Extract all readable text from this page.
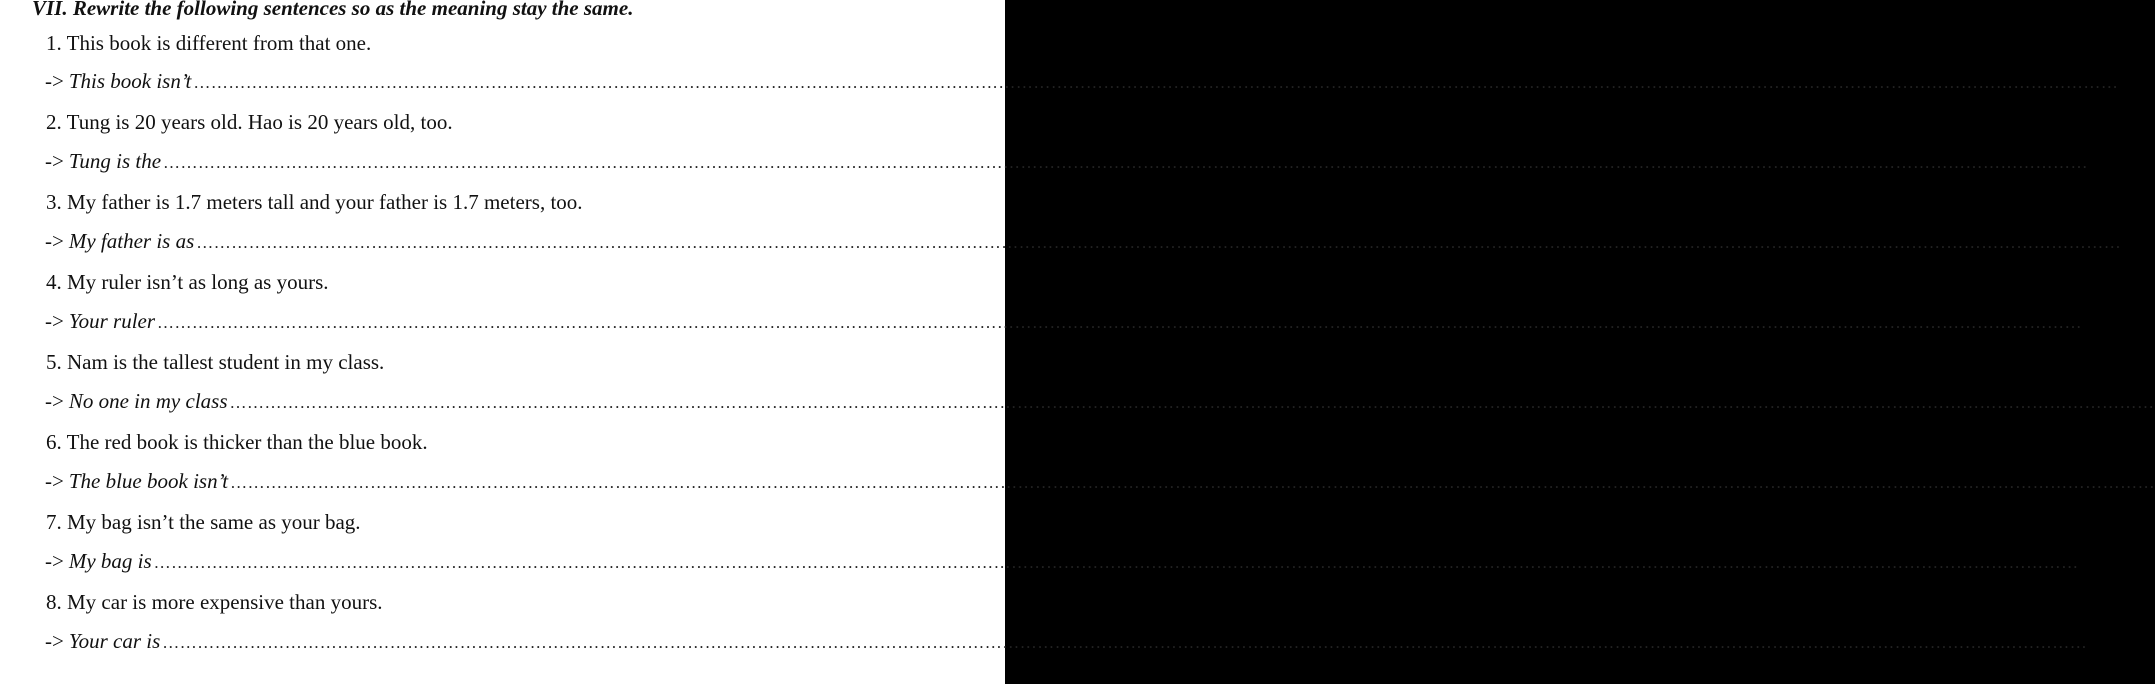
VII. Rewrite the following sentences so as the meaning stay the same.
1. This book is different from that one.
-> This book isn’t ……………………………………………………………………………………………………………………………………………………………………………………………………………………………………………………………………………………………………
2. Tung is 20 years old. Hao is 20 years old, too.
-> Tung is the ……………………………………………………………………………………………………………………………………………………………………………………………………………………………………………………………………………………………………
3. My father is 1.7 meters tall and your father is 1.7 meters, too.
-> My father is as ……………………………………………………………………………………………………………………………………………………………………………………………………………………………………………………………………………………………………
4. My ruler isn’t as long as yours.
-> Your ruler ……………………………………………………………………………………………………………………………………………………………………………………………………………………………………………………………………………………………………
5. Nam is the tallest student in my class.
-> No one in my class ……………………………………………………………………………………………………………………………………………………………………………………………………………………………………………………………………………………………………
6. The red book is thicker than the blue book.
-> The blue book isn’t ……………………………………………………………………………………………………………………………………………………………………………………………………………………………………………………………………………………………………
7. My bag isn’t the same as your bag.
-> My bag is ……………………………………………………………………………………………………………………………………………………………………………………………………………………………………………………………………………………………………
8. My car is more expensive than yours.
-> Your car is ……………………………………………………………………………………………………………………………………………………………………………………………………………………………………………………………………………………………………
